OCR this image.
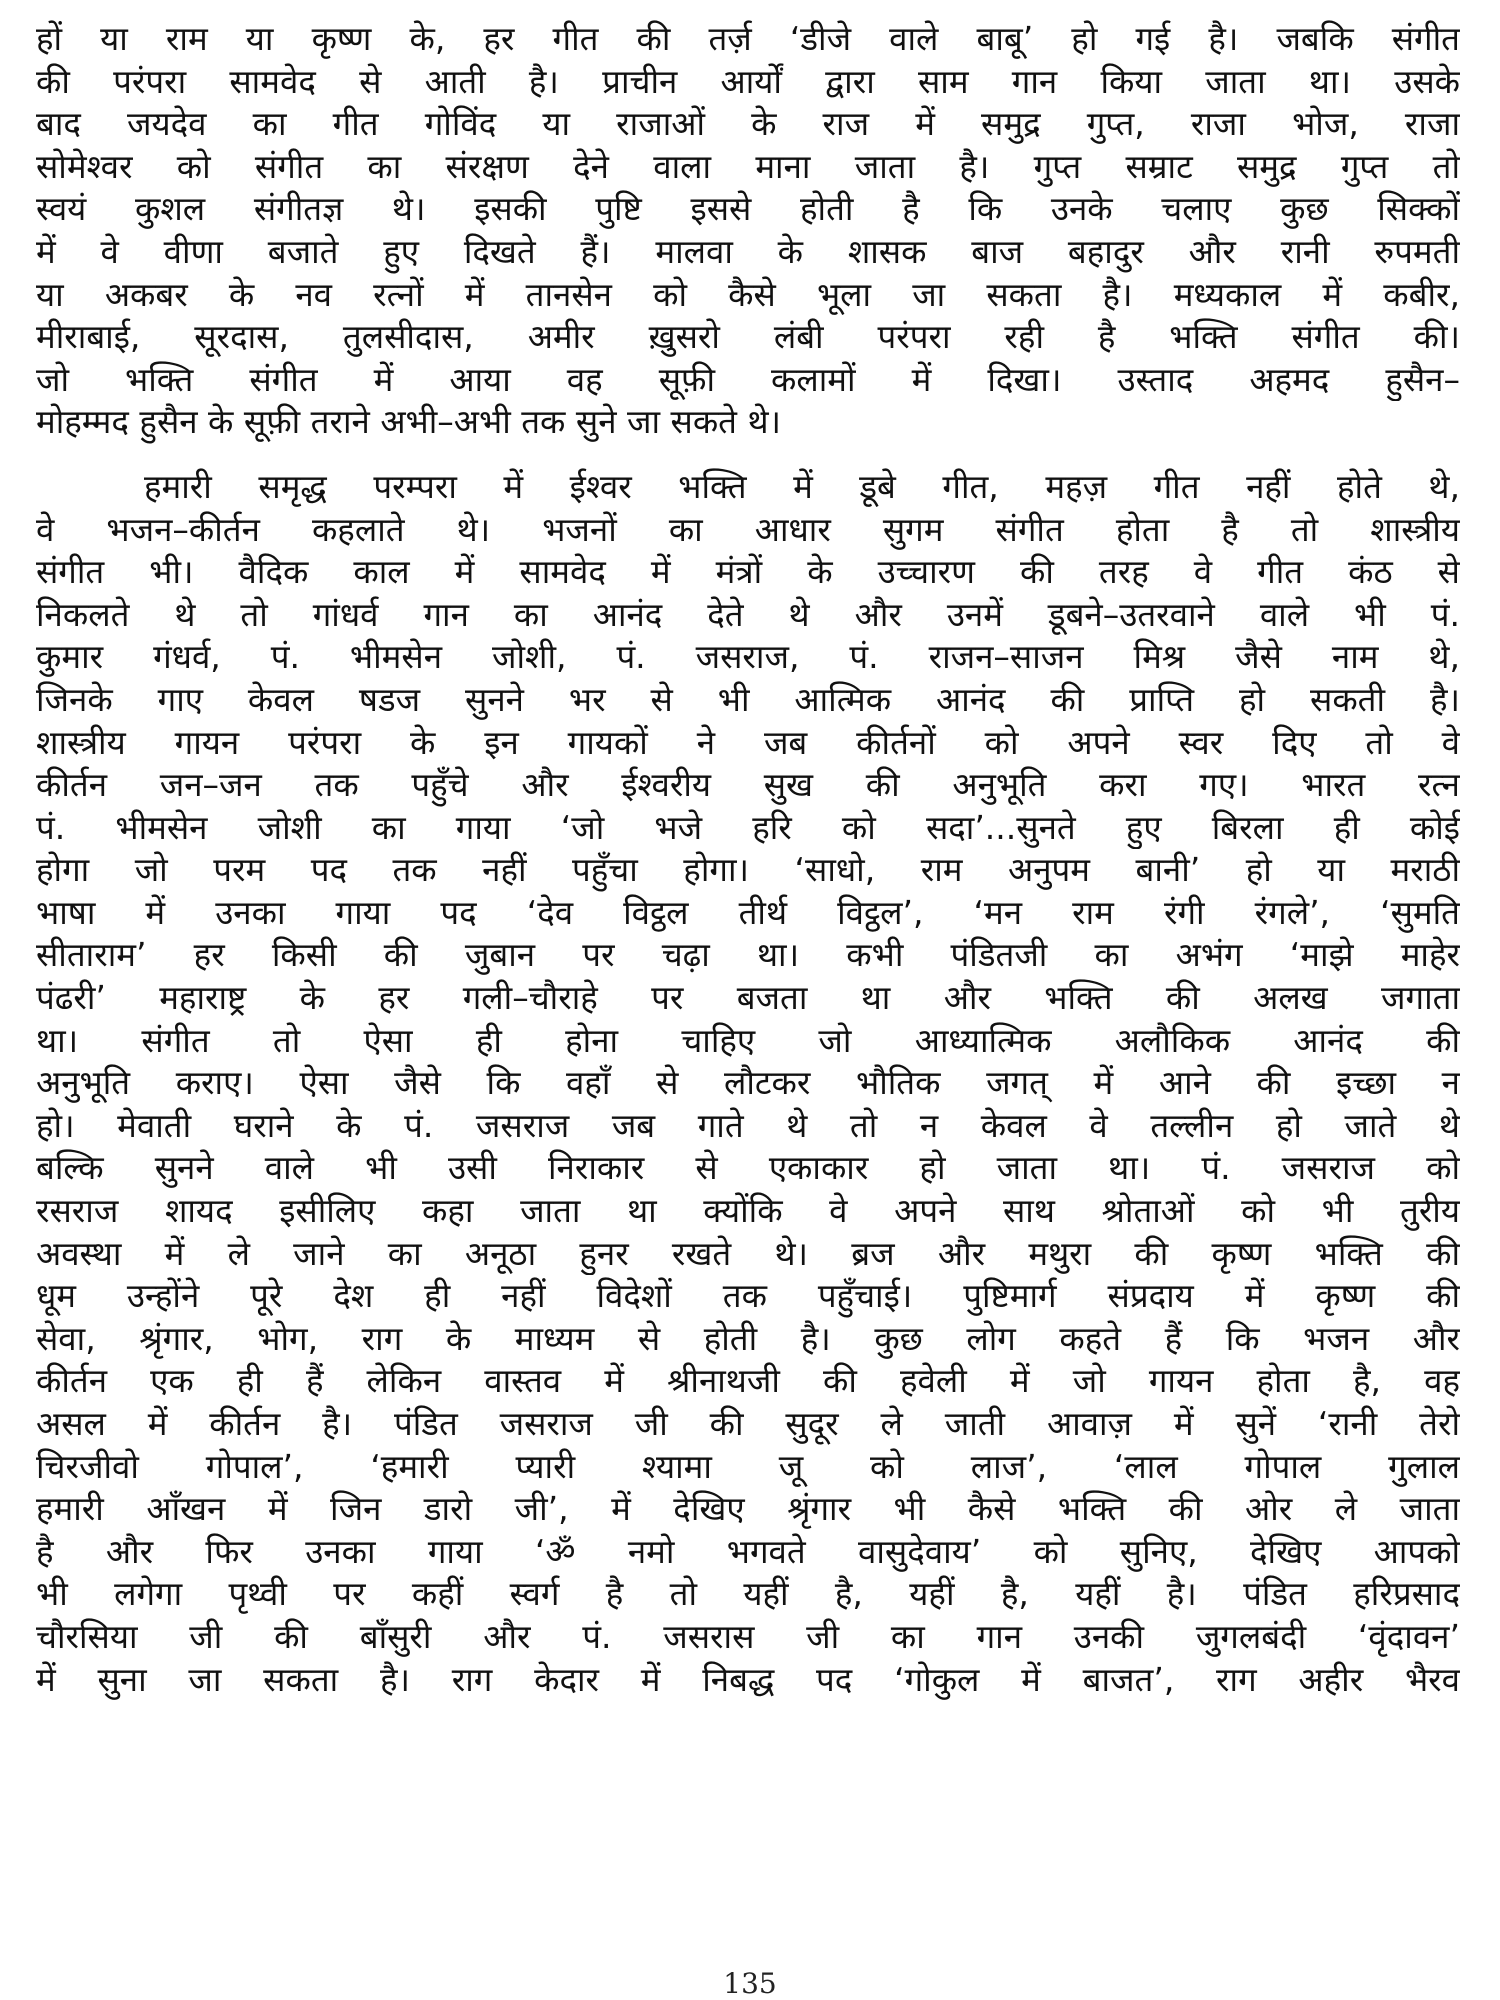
हों या राम या कृष्ण के, हर गीत की तर्ज़ ‘डीजे वाले बाबू’ हो गई है। जबकि संगीत
की परंपरा सामवेद से आती है। प्राचीन आर्यों द्वारा साम गान किया जाता था। उसके
बाद जयदेव का गीत गोविंद या राजाओं के राज में समुद्र गुप्त, राजा भोज, राजा
सोमेश्वर को संगीत का संरक्षण देने वाला माना जाता है। गुप्त सम्राट समुद्र गुप्त तो
स्वयं कुशल संगीतज्ञ थे। इसकी पुष्टि इससे होती है कि उनके चलाए कुछ सिक्कों
में वे वीणा बजाते हुए दिखते हैं। मालवा के शासक बाज बहादुर और रानी रुपमती
या अकबर के नव रत्नों में तानसेन को कैसे भूला जा सकता है। मध्यकाल में कबीर,
मीराबाई, सूरदास, तुलसीदास, अमीर ख़ुसरो लंबी परंपरा रही है भक्ति संगीत की।
जो भक्ति संगीत में आया वह सूफ़ी कलामों में दिखा। उस्ताद अहमद हुसैन–
मोहम्मद हुसैन के सूफ़ी तराने अभी–अभी तक सुने जा सकते थे।
हमारी समृद्ध परम्परा में ईश्वर भक्ति में डूबे गीत, महज़ गीत नहीं होते थे,
वे भजन–कीर्तन कहलाते थे। भजनों का आधार सुगम संगीत होता है तो शास्त्रीय
संगीत भी। वैदिक काल में सामवेद में मंत्रों के उच्चारण की तरह वे गीत कंठ से
निकलते थे तो गांधर्व गान का आनंद देते थे और उनमें डूबने–उतरवाने वाले भी पं.
कुमार गंधर्व, पं. भीमसेन जोशी, पं. जसराज, पं. राजन–साजन मिश्र जैसे नाम थे,
जिनके गाए केवल षडज सुनने भर से भी आत्मिक आनंद की प्राप्ति हो सकती है।
शास्त्रीय गायन परंपरा के इन गायकों ने जब कीर्तनों को अपने स्वर दिए तो वे
कीर्तन जन–जन तक पहुँचे और ईश्वरीय सुख की अनुभूति करा गए। भारत रत्न
पं. भीमसेन जोशी का गाया ‘जो भजे हरि को सदा’...सुनते हुए बिरला ही कोई
होगा जो परम पद तक नहीं पहुँचा होगा। ‘साधो, राम अनुपम बानी’ हो या मराठी
भाषा में उनका गाया पद ‘देव विट्ठल तीर्थ विट्ठल’, ‘मन राम रंगी रंगले’, ‘सुमति
सीताराम’ हर किसी की जुबान पर चढ़ा था। कभी पंडितजी का अभंग ‘माझे माहेर
पंढरी’ महाराष्ट्र के हर गली–चौराहे पर बजता था और भक्ति की अलख जगाता
था। संगीत तो ऐसा ही होना चाहिए जो आध्यात्मिक अलौकिक आनंद की
अनुभूति कराए। ऐसा जैसे कि वहाँ से लौटकर भौतिक जगत् में आने की इच्छा न
हो। मेवाती घराने के पं. जसराज जब गाते थे तो न केवल वे तल्लीन हो जाते थे
बल्कि सुनने वाले भी उसी निराकार से एकाकार हो जाता था। पं. जसराज को
रसराज शायद इसीलिए कहा जाता था क्योंकि वे अपने साथ श्रोताओं को भी तुरीय
अवस्था में ले जाने का अनूठा हुनर रखते थे। ब्रज और मथुरा की कृष्ण भक्ति की
धूम उन्होंने पूरे देश ही नहीं विदेशों तक पहुँचाई। पुष्टिमार्ग संप्रदाय में कृष्ण की
सेवा, श्रृंगार, भोग, राग के माध्यम से होती है। कुछ लोग कहते हैं कि भजन और
कीर्तन एक ही हैं लेकिन वास्तव में श्रीनाथजी की हवेली में जो गायन होता है, वह
असल में कीर्तन है। पंडित जसराज जी की सुदूर ले जाती आवाज़ में सुनें ‘रानी तेरो
चिरजीवो गोपाल’, ‘हमारी प्यारी श्यामा जू को लाज’, ‘लाल गोपाल गुलाल
हमारी आँखन में जिन डारो जी’, में देखिए श्रृंगार भी कैसे भक्ति की ओर ले जाता
है और फिर उनका गाया ‘ॐ नमो भगवते वासुदेवाय’ को सुनिए, देखिए आपको
भी लगेगा पृथ्वी पर कहीं स्वर्ग है तो यहीं है, यहीं है, यहीं है। पंडित हरिप्रसाद
चौरसिया जी की बाँसुरी और पं. जसरास जी का गान उनकी जुगलबंदी ‘वृंदावन’
में सुना जा सकता है। राग केदार में निबद्ध पद ‘गोकुल में बाजत’, राग अहीर भैरव
135
